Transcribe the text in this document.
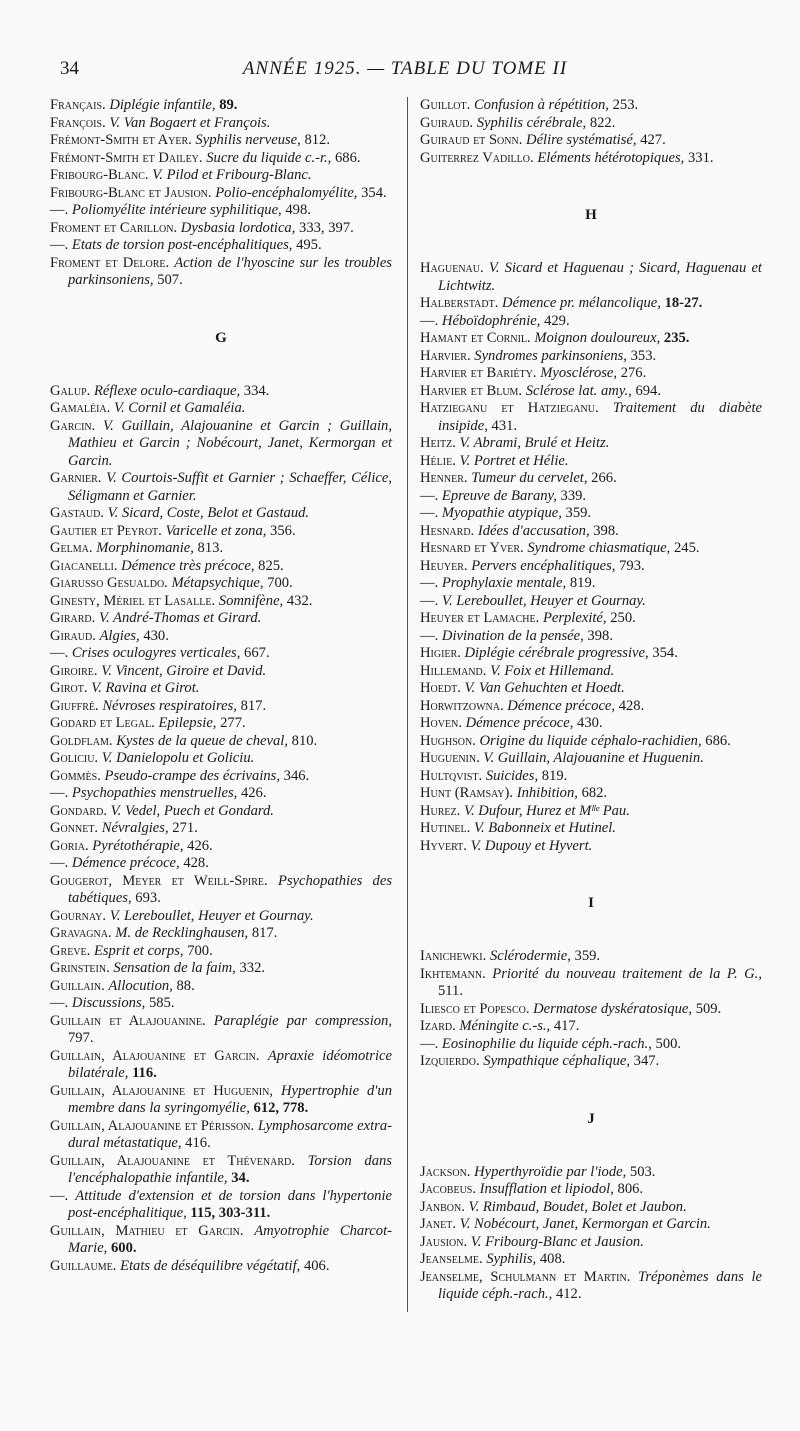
34	ANNÉE 1925. — TABLE DU TOME II
Français. Diplégie infantile, 89.
François. V. Van Bogaert et François.
Frémont-Smith et Ayer. Syphilis nerveuse, 812.
Frémont-Smith et Dailey. Sucre du liquide c.-r., 686.
Fribourg-Blanc. V. Pilod et Fribourg-Blanc.
Fribourg-Blanc et Jausion. Polio-encéphalomyélite, 354.
—. Poliomyélite intérieure syphilitique, 498.
Froment et Carillon. Dysbasia lordotica, 333, 397.
—. Etats de torsion post-encéphalitiques, 495.
Froment et Delore. Action de l'hyoscine sur les troubles parkinsoniens, 507.
G
Galup. Réflexe oculo-cardiaque, 334.
Gamaléia. V. Cornil et Gamaléia.
Garcin. V. Guillain, Alajouanine et Garcin ; Guillain, Mathieu et Garcin ; Nobécourt, Janet, Kermorgan et Garcin.
Garnier. V. Courtois-Suffit et Garnier ; Schaeffer, Célice, Séligmann et Garnier.
Gastaud. V. Sicard, Coste, Belot et Gastaud.
Gautier et Peyrot. Varicelle et zona, 356.
Gelma. Morphinomanie, 813.
Giacanelli. Démence très précoce, 825.
Giarusso Gesualdo. Métapsychique, 700.
Ginesty, Mériel et Lasalle. Somnifène, 432.
Girard. V. André-Thomas et Girard.
Giraud. Algies, 430.
—. Crises oculogyres verticales, 667.
Giroire. V. Vincent, Giroire et David.
Girot. V. Ravina et Girot.
Giuffré. Névroses respiratoires, 817.
Godard et Legal. Epilepsie, 277.
Goldflam. Kystes de la queue de cheval, 810.
Goliciu. V. Danielopolu et Goliciu.
Gommès. Pseudo-crampe des écrivains, 346.
—. Psychopathies menstruelles, 426.
Gondard. V. Vedel, Puech et Gondard.
Gonnet. Névralgies, 271.
Goria. Pyrétothérapie, 426.
—. Démence précoce, 428.
Gougerot, Meyer et Weill-Spire. Psychopathies des tabétiques, 693.
Gournay. V. Lereboullet, Heuyer et Gournay.
Gravagna. M. de Recklinghausen, 817.
Greve. Esprit et corps, 700.
Grinstein. Sensation de la faim, 332.
Guillain. Allocution, 88.
—. Discussions, 585.
Guillain et Alajouanine. Paraplégie par compression, 797.
Guillain, Alajouanine et Garcin. Apraxie idéomotrice bilatérale, 116.
Guillain, Alajouanine et Huguenin, Hypertrophie d'un membre dans la syringomyélie, 612, 778.
Guillain, Alajouanine et Périsson. Lymphosarcome extra-dural métastatique, 416.
Guillain, Alajouanine et Thévenard. Torsion dans l'encéphalopathie infantile, 34.
—. Attitude d'extension et de torsion dans l'hypertonie post-encéphalitique, 115, 303-311.
Guillain, Mathieu et Garcin. Amyotrophie Charcot-Marie, 600.
Guillaume. Etats de déséquilibre végétatif, 406.
Guillot. Confusion à répétition, 253.
Guiraud. Syphilis cérébrale, 822.
Guiraud et Sonn. Délire systématisé, 427.
Guiterrez Vadillo. Eléments hétérotopiques, 331.
H
Haguenau. V. Sicard et Haguenau ; Sicard, Haguenau et Lichtwitz.
Halberstadt. Démence pr. mélancolique, 18-27.
—. Héboïdophrénie, 429.
Hamant et Cornil. Moignon douloureux, 235.
Harvier. Syndromes parkinsoniens, 353.
Harvier et Bariéty. Myosclérose, 276.
Harvier et Blum. Sclérose lat. amy., 694.
Hatzieganu et Hatzieganu. Traitement du diabète insipide, 431.
Heitz. V. Abrami, Brulé et Heitz.
Hélie. V. Portret et Hélie.
Henner. Tumeur du cervelet, 266.
—. Epreuve de Barany, 339.
—. Myopathie atypique, 359.
Hesnard. Idées d'accusation, 398.
Hesnard et Yver. Syndrome chiasmatique, 245.
Heuyer. Pervers encéphalitiques, 793.
—. Prophylaxie mentale, 819.
—. V. Lereboullet, Heuyer et Gournay.
Heuyer et Lamache. Perplexité, 250.
—. Divination de la pensée, 398.
Higier. Diplégie cérébrale progressive, 354.
Hillemand. V. Foix et Hillemand.
Hoedt. V. Van Gehuchten et Hoedt.
Horwitzowna. Démence précoce, 428.
Hoven. Démence précoce, 430.
Hughson. Origine du liquide céphalo-rachidien, 686.
Huguenin. V. Guillain, Alajouanine et Huguenin.
Hultqvist. Suicides, 819.
Hunt (Ramsay). Inhibition, 682.
Hurez. V. Dufour, Hurez et Mˡˡᵉ Pau.
Hutinel. V. Babonneix et Hutinel.
Hyvert. V. Dupouy et Hyvert.
I
Ianichewki. Sclérodermie, 359.
Ikhtemann. Priorité du nouveau traitement de la P. G., 511.
Iliesco et Popesco. Dermatose dyskératosique, 509.
Izard. Méningite c.-s., 417.
—. Eosinophilie du liquide céph.-rach., 500.
Izquierdo. Sympathique céphalique, 347.
J
Jackson. Hyperthyroïdie par l'iode, 503.
Jacobeus. Insufflation et lipiodol, 806.
Janbon. V. Rimbaud, Boudet, Bolet et Jaubon.
Janet. V. Nobécourt, Janet, Kermorgan et Garcin.
Jausion. V. Fribourg-Blanc et Jausion.
Jeanselme. Syphilis, 408.
Jeanselme, Schulmann et Martin. Tréponèmes dans le liquide céph.-rach., 412.
